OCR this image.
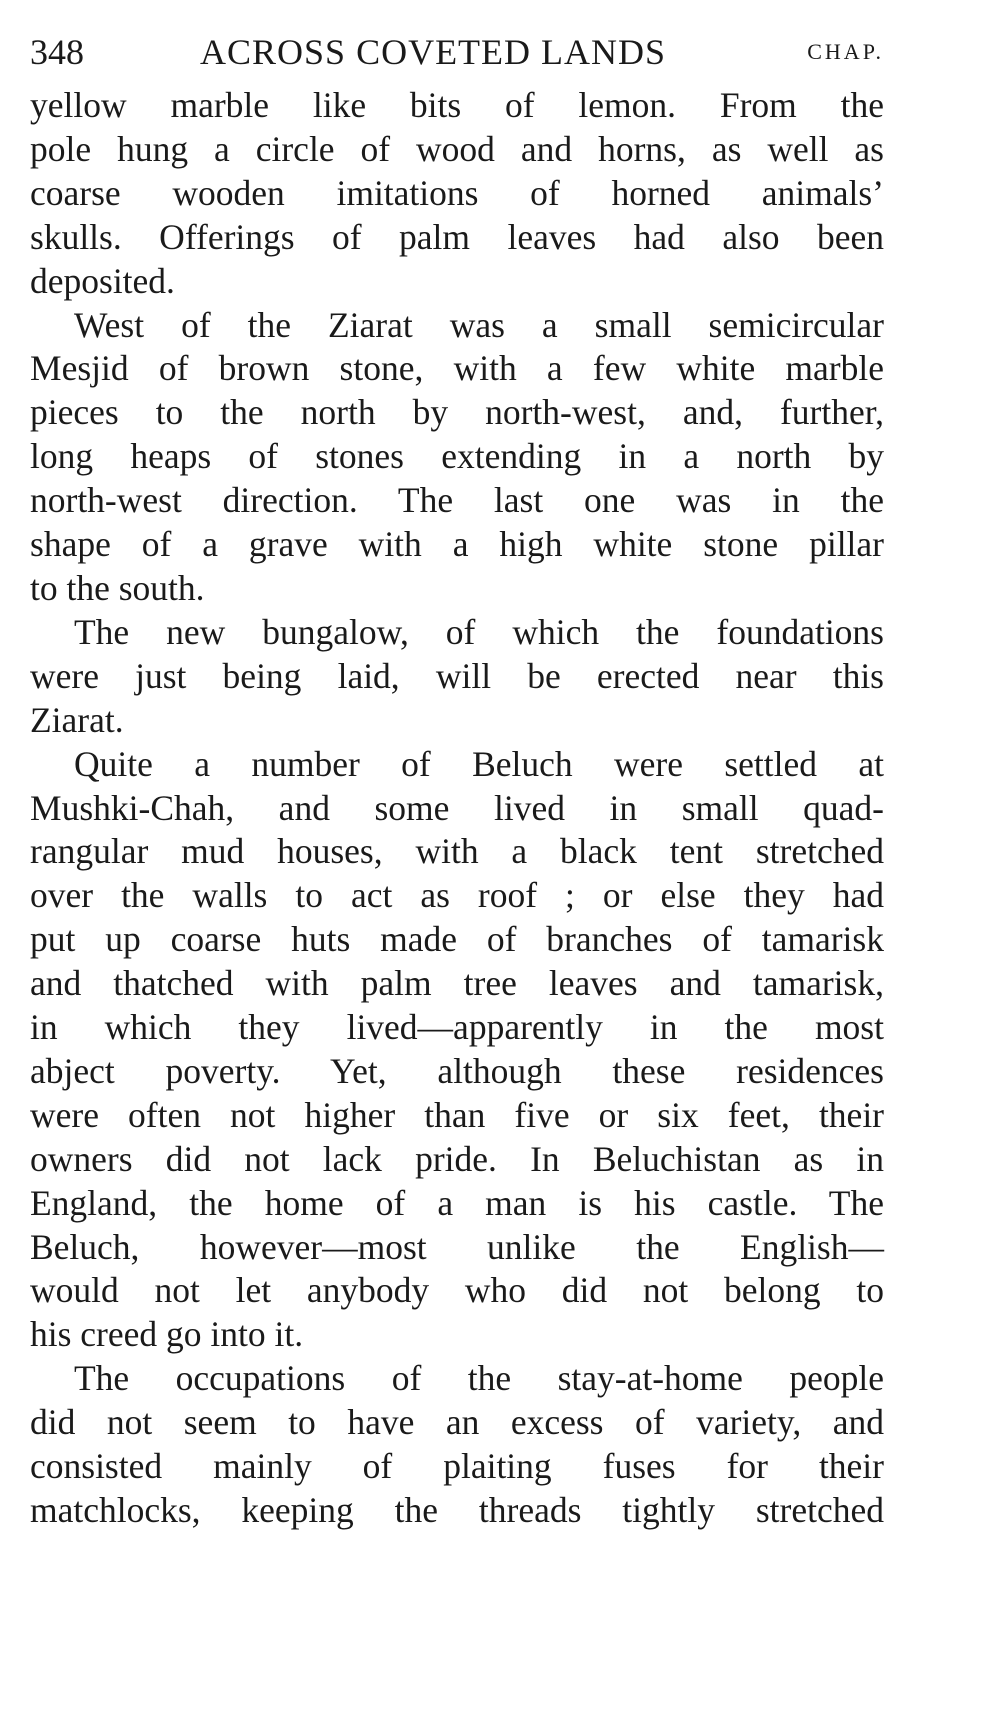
348	ACROSS COVETED LANDS	CHAP.
yellow marble like bits of lemon. From the
pole hung a circle of wood and horns, as well as
coarse wooden imitations of horned animals’
skulls. Offerings of palm leaves had also been
deposited.
West of the Ziarat was a small semicircular
Mesjid of brown stone, with a few white marble
pieces to the north by north-west, and, further,
long heaps of stones extending in a north by
north-west direction. The last one was in the
shape of a grave with a high white stone pillar
to the south.
The new bungalow, of which the foundations
were just being laid, will be erected near this
Ziarat.
Quite a number of Beluch were settled at
Mushki-Chah, and some lived in small quad-
rangular mud houses, with a black tent stretched
over the walls to act as roof ; or else they had
put up coarse huts made of branches of tamarisk
and thatched with palm tree leaves and tamarisk,
in which they lived—apparently in the most
abject poverty. Yet, although these residences
were often not higher than five or six feet, their
owners did not lack pride. In Beluchistan as in
England, the home of a man is his castle. The
Beluch, however—most unlike the English—
would not let anybody who did not belong to
his creed go into it.
The occupations of the stay-at-home people
did not seem to have an excess of variety, and
consisted mainly of plaiting fuses for their
matchlocks, keeping the threads tightly stretched
